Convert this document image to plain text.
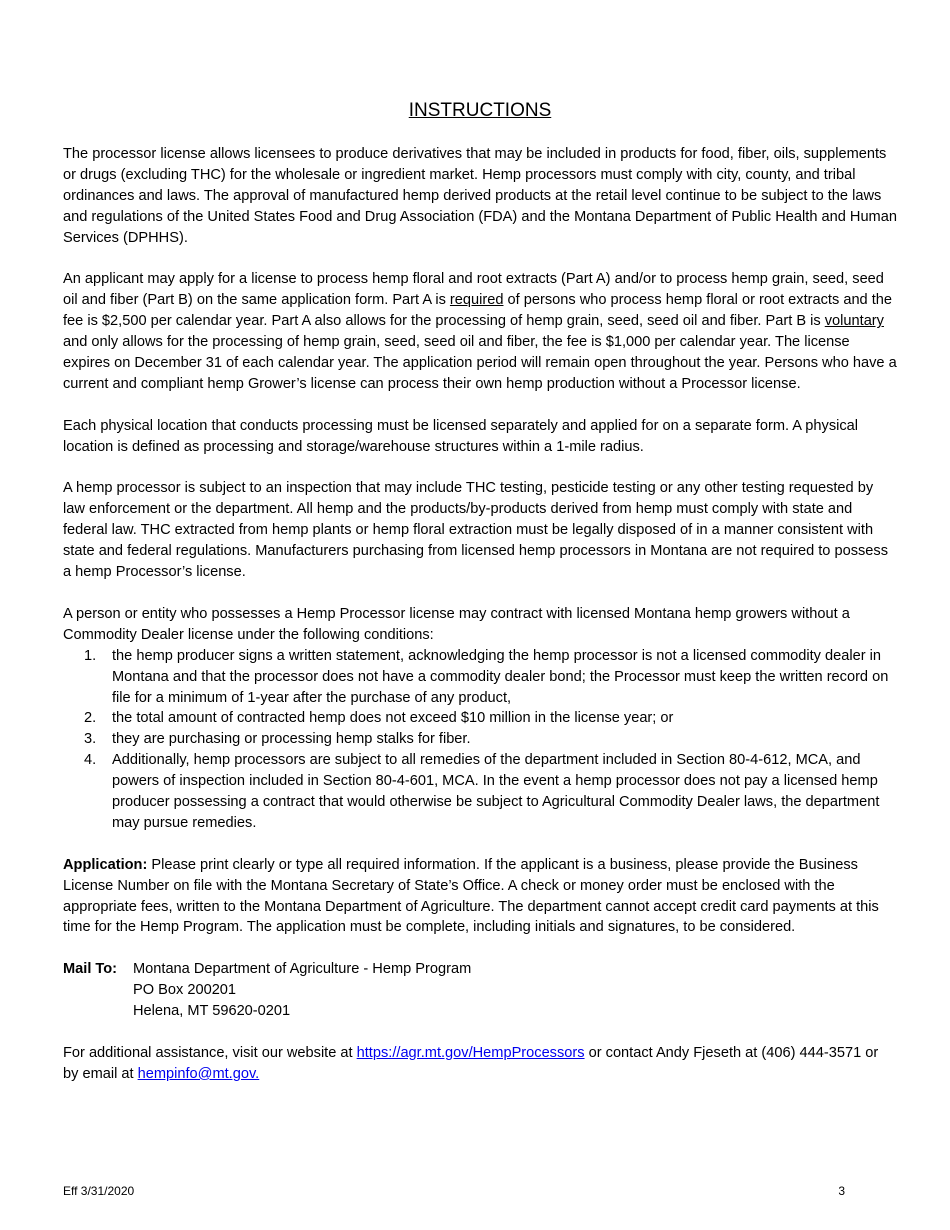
INSTRUCTIONS

The processor license allows licensees to produce derivatives that may be included in products for food, fiber, oils, supplements or drugs (excluding THC) for the wholesale or ingredient market. Hemp processors must comply with city, county, and tribal ordinances and laws. The approval of manufactured hemp derived products at the retail level continue to be subject to the laws and regulations of the United States Food and Drug Association (FDA) and the Montana Department of Public Health and Human Services (DPHHS).

An applicant may apply for a license to process hemp floral and root extracts (Part A) and/or to process hemp grain, seed, seed oil and fiber (Part B) on the same application form. Part A is required of persons who process hemp floral or root extracts and the fee is $2,500 per calendar year. Part A also allows for the processing of hemp grain, seed, seed oil and fiber. Part B is voluntary and only allows for the processing of hemp grain, seed, seed oil and fiber, the fee is $1,000 per calendar year. The license expires on December 31 of each calendar year. The application period will remain open throughout the year. Persons who have a current and compliant hemp Grower’s license can process their own hemp production without a Processor license.

Each physical location that conducts processing must be licensed separately and applied for on a separate form. A physical location is defined as processing and storage/warehouse structures within a 1-mile radius.

A hemp processor is subject to an inspection that may include THC testing, pesticide testing or any other testing requested by law enforcement or the department. All hemp and the products/by-products derived from hemp must comply with state and federal law. THC extracted from hemp plants or hemp floral extraction must be legally disposed of in a manner consistent with state and federal regulations. Manufacturers purchasing from licensed hemp processors in Montana are not required to possess a hemp Processor’s license.

A person or entity who possesses a Hemp Processor license may contract with licensed Montana hemp growers without a Commodity Dealer license under the following conditions:

1. the hemp producer signs a written statement, acknowledging the hemp processor is not a licensed commodity dealer in Montana and that the processor does not have a commodity dealer bond; the Processor must keep the written record on file for a minimum of 1-year after the purchase of any product,
2. the total amount of contracted hemp does not exceed $10 million in the license year; or
3. they are purchasing or processing hemp stalks for fiber.
4. Additionally, hemp processors are subject to all remedies of the department included in Section 80-4-612, MCA, and powers of inspection included in Section 80-4-601, MCA. In the event a hemp processor does not pay a licensed hemp producer possessing a contract that would otherwise be subject to Agricultural Commodity Dealer laws, the department may pursue remedies.

Application: Please print clearly or type all required information. If the applicant is a business, please provide the Business License Number on file with the Montana Secretary of State’s Office. A check or money order must be enclosed with the appropriate fees, written to the Montana Department of Agriculture. The department cannot accept credit card payments at this time for the Hemp Program. The application must be complete, including initials and signatures, to be considered.

Mail To:	Montana Department of Agriculture - Hemp Program
PO Box 200201
Helena, MT 59620-0201

For additional assistance, visit our website at https://agr.mt.gov/HempProcessors or contact Andy Fjeseth at (406) 444-3571 or by email at hempinfo@mt.gov.

Eff 3/31/2020	3
